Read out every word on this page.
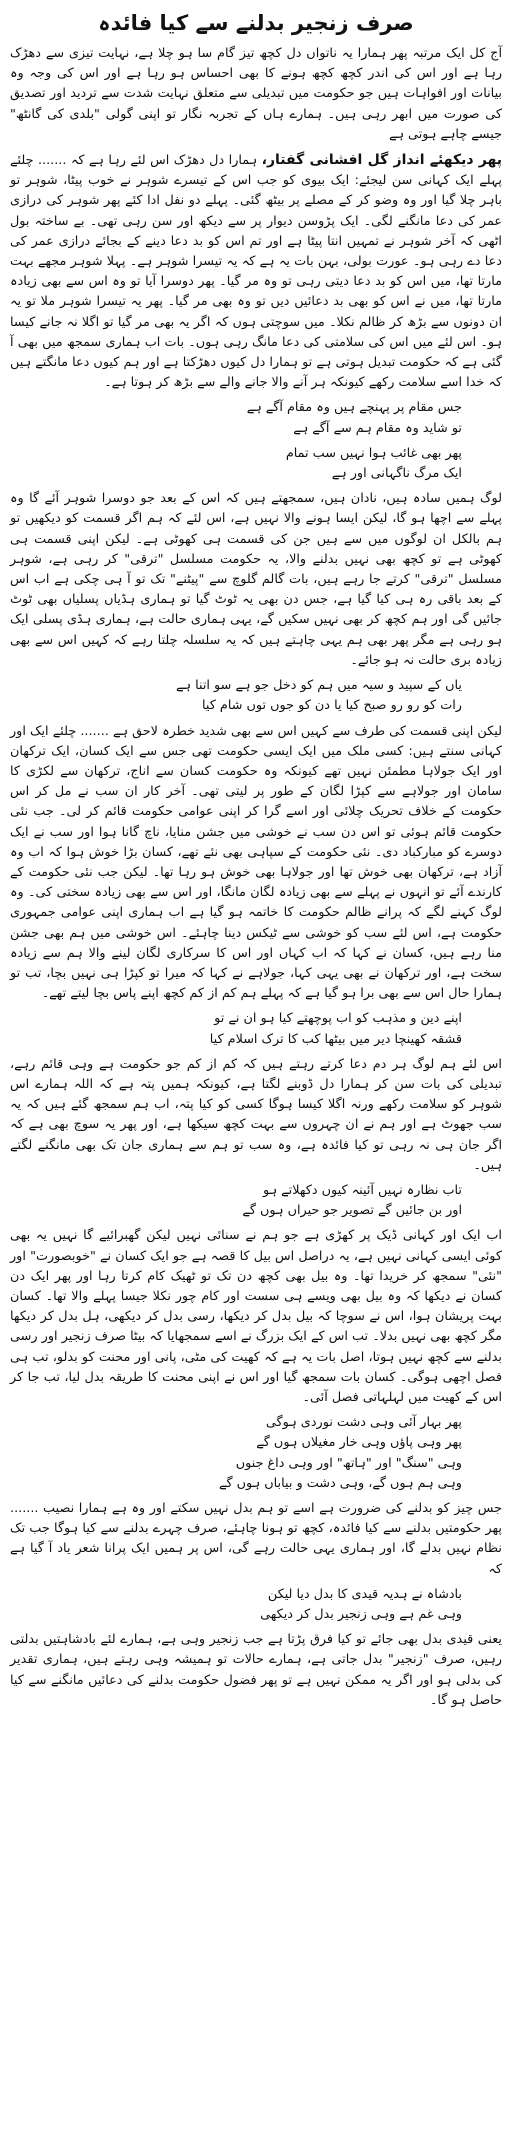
صرف زنجیر بدلنے سے کیا فائدہ

آج کل ایک مرتبہ پھر ہمارا یہ ناتواں دل کچھ تیز گام سا ہو چلا ہے، نہایت تیزی سے دھڑک رہا ہے اور اس کی اندر کچھ کچھ ہونے کا بھی احساس ہو رہا ہے اور اس کی وجہ وہ بیانات اور افواہات ہیں جو حکومت میں تبدیلی سے متعلق نہایت شدت سے تردید اور تصدیق کی صورت میں ابھر رہی ہیں۔ ہمارے ہاں کے تجربہ نگار تو اپنی گولی "بلدی کی گانٹھ" جیسے چاہے ہوتی ہے

پھر دیکھئے انداز گل افشانی گفتار، ہمارا دل دھڑک اس لئے رہا ہے کہ ....... چلئے پہلے ایک کہانی سن لیجئے: ایک بیوی کو جب اس کے تیسرے شوہر نے خوب پیٹا، شوہر تو باہر چلا گیا اور وہ وضو کر کے مصلے پر بیٹھ گئی۔ پہلے دو نفل ادا کئے پھر شوہر کی درازی عمر کی دعا مانگنے لگی۔ ایک پڑوسن دیوار پر سے دیکھ اور سن رہی تھی۔ بے ساختہ بول اٹھی کہ آخر شوہر نے تمہیں انتا پیٹا ہے اور تم اس کو بد دعا دینے کے بجائے درازی عمر کی دعا دے رہی ہو۔ عورت بولی، بہن بات یہ ہے کہ یہ تیسرا شوہر ہے۔ پہلا شوہر مجھے بہت مارتا تھا، میں اس کو بد دعا دیتی رہی تو وہ مر گیا۔ پھر دوسرا آیا تو وہ اس سے بھی زیادہ مارتا تھا، میں نے اس کو بھی بد دعائیں دیں تو وہ بھی مر گیا۔ پھر یہ تیسرا شوہر ملا تو یہ ان دونوں سے بڑھ کر ظالم نکلا۔ میں سوچتی ہوں کہ اگر یہ بھی مر گیا تو اگلا نہ جانے کیسا ہو۔ اس لئے میں اس کی سلامتی کی دعا مانگ رہی ہوں۔ بات اب ہماری سمجھ میں بھی آ گئی ہے کہ حکومت تبدیل ہوتی ہے تو ہمارا دل کیوں دھڑکتا ہے اور ہم کیوں دعا مانگتے ہیں کہ خدا اسے سلامت رکھے کیونکہ ہر آنے والا جانے والے سے بڑھ کر ہوتا ہے۔

جس مقام پر پہنچے ہیں وہ مقام آگے ہے
تو شاید وہ مقام ہم سے آگے ہے
پھر بھی غائب ہوا نہیں سب تمام
ایک مرگ ناگہانی اور ہے

لوگ ہمیں سادہ ہیں، نادان ہیں، سمجھتے ہیں کہ اس کے بعد جو دوسرا شوہر آئے گا وہ پہلے سے اچھا ہو گا، لیکن ایسا ہونے والا نہیں ہے، اس لئے کہ ہم اگر قسمت کو دیکھیں تو ہم بالکل ان لوگوں میں سے ہیں جن کی قسمت ہی کھوٹی ہے۔ لیکن اپنی قسمت ہی کھوٹی ہے تو کچھ بھی نہیں بدلنے والا، یہ حکومت مسلسل "ترقی" کر رہی ہے، شوہر مسلسل "ترقی" کرتے جا رہے ہیں، بات گالم گلوچ سے "پیٹنے" تک تو آ ہی چکی ہے اب اس کے بعد باقی رہ ہی کیا گیا ہے، جس دن بھی یہ ٹوٹ گیا تو ہماری ہڈیاں پسلیاں بھی ٹوٹ جائیں گی اور ہم کچھ کر بھی نہیں سکیں گے، یہی ہماری حالت ہے، ہماری ہڈی پسلی ایک ہو رہی ہے مگر پھر بھی ہم یہی چاہتے ہیں کہ یہ سلسلہ چلتا رہے کہ کہیں اس سے بھی زیادہ بری حالت نہ ہو جائے۔

یاں کے سپید و سیہ میں ہم کو دخل جو ہے سو اتنا ہے
رات کو رو رو صبح کیا یا دن کو جوں توں شام کیا

لیکن اپنی قسمت کی طرف سے کہیں اس سے بھی شدید خطرہ لاحق ہے ....... چلئے ایک اور کہانی سنتے ہیں: کسی ملک میں ایک ایسی حکومت تھی جس سے ایک کسان، ایک ترکھان اور ایک جولاہا مطمئن نہیں تھے کیونکہ وہ حکومت کسان سے اناج، ترکھان سے لکڑی کا سامان اور جولاہے سے کپڑا لگان کے طور پر لیتی تھی۔ آخر کار ان سب نے مل کر اس حکومت کے خلاف تحریک چلائی اور اسے گرا کر اپنی عوامی حکومت قائم کر لی۔ جب نئی حکومت قائم ہوئی تو اس دن سب نے خوشی میں جشن منایا، ناچ گانا ہوا اور سب نے ایک دوسرے کو مبارکباد دی۔ نئی حکومت کے سپاہی بھی نئے تھے، کسان بڑا خوش ہوا کہ اب وہ آزاد ہے، ترکھان بھی خوش تھا اور جولاہا بھی خوش ہو رہا تھا۔ لیکن جب نئی حکومت کے کارندے آئے تو انہوں نے پہلے سے بھی زیادہ لگان مانگا، اور اس سے بھی زیادہ سختی کی۔ وہ لوگ کہنے لگے کہ پرانے ظالم حکومت کا خاتمہ ہو گیا ہے اب ہماری اپنی عوامی جمہوری حکومت ہے، اس لئے سب کو خوشی سے ٹیکس دینا چاہئے۔ اس خوشی میں ہم بھی جشن منا رہے ہیں، کسان نے کہا کہ اب کہاں اور اس کا سرکاری لگان لینے والا ہم سے زیادہ سخت ہے، اور ترکھان نے بھی یہی کہا، جولاہے نے کہا کہ میرا تو کپڑا ہی نہیں بچا، تب تو ہمارا حال اس سے بھی برا ہو گیا ہے کہ پہلے ہم کم از کم کچھ اپنے پاس بچا لیتے تھے۔

اپنے دین و مذہب کو اب پوچھتے کیا ہو ان نے تو
قشقہ کھینچا دیر میں بیٹھا کب کا ترک اسلام کیا

اس لئے ہم لوگ ہر دم دعا کرتے رہتے ہیں کہ کم از کم جو حکومت ہے وہی قائم رہے، تبدیلی کی بات سن کر ہمارا دل ڈوبنے لگتا ہے، کیونکہ ہمیں پتہ ہے کہ اللہ ہمارے اس شوہر کو سلامت رکھے ورنہ اگلا کیسا ہوگا کسی کو کیا پتہ، اب ہم سمجھ گئے ہیں کہ یہ سب جھوٹ ہے اور ہم نے ان چہروں سے بہت کچھ سیکھا ہے، اور پھر یہ سوچ بھی ہے کہ اگر جان ہی نہ رہی تو کیا فائدہ ہے، وہ سب تو ہم سے ہماری جان تک بھی مانگنے لگتے ہیں۔

تاب نظارہ نہیں آئینہ کیوں دکھلاتے ہو
اور بن جائیں گے تصویر جو حیراں ہوں گے

اب ایک اور کہانی ڈیک پر کھڑی ہے جو ہم نے سنائی نہیں لیکن گھبرائیے گا نہیں یہ بھی کوئی ایسی کہانی نہیں ہے، یہ دراصل اس بیل کا قصہ ہے جو ایک کسان نے "خوبصورت" اور "نئی" سمجھ کر خریدا تھا۔ وہ بیل بھی کچھ دن تک تو ٹھیک کام کرتا رہا اور پھر ایک دن کسان نے دیکھا کہ وہ بیل بھی ویسے ہی سست اور کام چور نکلا جیسا پہلے والا تھا۔ کسان بہت پریشان ہوا، اس نے سوچا کہ بیل بدل کر دیکھا، رسی بدل کر دیکھی، ہل بدل کر دیکھا مگر کچھ بھی نہیں بدلا۔ تب اس کے ایک بزرگ نے اسے سمجھایا کہ بیٹا صرف زنجیر اور رسی بدلنے سے کچھ نہیں ہوتا، اصل بات یہ ہے کہ کھیت کی مٹی، پانی اور محنت کو بدلو، تب ہی فصل اچھی ہوگی۔ کسان بات سمجھ گیا اور اس نے اپنی محنت کا طریقہ بدل لیا، تب جا کر اس کے کھیت میں لہلہاتی فصل آئی۔

پھر بہار آئی وہی دشت نوردی ہوگی
پھر وہی پاؤں وہی خار مغیلاں ہوں گے
وہی "سنگ" اور "ہاتھ" اور وہی داغ جنوں
وہی ہم ہوں گے، وہی دشت و بیاباں ہوں گے

جس چیز کو بدلنے کی ضرورت ہے اسے تو ہم بدل نہیں سکتے اور وہ ہے ہمارا نصیب ....... پھر حکومتیں بدلنے سے کیا فائدہ، کچھ تو ہونا چاہئے، صرف چہرے بدلنے سے کیا ہوگا جب تک نظام نہیں بدلے گا، اور ہماری یہی حالت رہے گی، اس پر ہمیں ایک پرانا شعر یاد آ گیا ہے کہ

بادشاہ نے ہدیہ قیدی کا بدل دیا لیکن
وہی غم ہے وہی زنجیر بدل کر دیکھی

یعنی قیدی بدل بھی جائے تو کیا فرق پڑتا ہے جب زنجیر وہی ہے، ہمارے لئے بادشاہتیں بدلتی رہیں، صرف "زنجیر" بدل جاتی ہے، ہمارے حالات تو ہمیشہ وہی رہتے ہیں، ہماری تقدیر کی بدلی ہو اور اگر یہ ممکن نہیں ہے تو پھر فضول حکومت بدلنے کی دعائیں مانگنے سے کیا حاصل ہو گا۔
